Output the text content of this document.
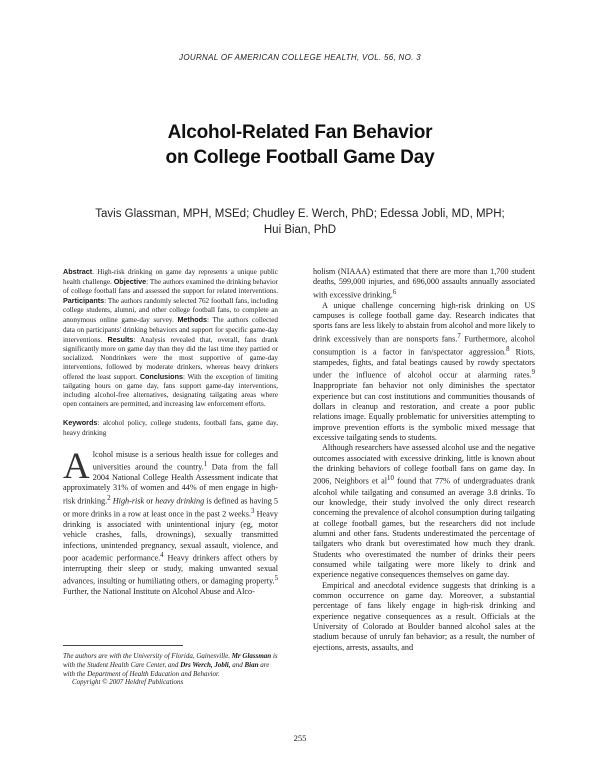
JOURNAL OF AMERICAN COLLEGE HEALTH, VOL. 56, NO. 3
Alcohol-Related Fan Behavior
on College Football Game Day
Tavis Glassman, MPH, MSEd; Chudley E. Werch, PhD; Edessa Jobli, MD, MPH;
Hui Bian, PhD

Abstract. High-risk drinking on game day represents a unique public health challenge. Objective: The authors examined the drinking behavior of college football fans and assessed the support for related interventions. Participants: The authors randomly selected 762 football fans, including college students, alumni, and other college football fans, to complete an anonymous online game-day survey. Methods: The authors collected data on participants' drinking behaviors and support for specific game-day interventions. Results: Analysis revealed that, overall, fans drank significantly more on game day than they did the last time they partied or socialized. Nondrinkers were the most supportive of game-day interventions, followed by moderate drinkers, whereas heavy drinkers offered the least support. Conclusions: With the exception of limiting tailgating hours on game day, fans support game-day interventions, including alcohol-free alternatives, designating tailgating areas where open containers are permitted, and increasing law enforcement efforts.

Keywords: alcohol policy, college students, football fans, game day, heavy drinking

Alcohol misuse is a serious health issue for colleges and universities around the country.$^1$ Data from the fall 2004 National College Health Assessment indicate that approximately 31% of women and 44% of men engage in high-risk drinking.$^2$ High-risk or heavy drinking is defined as having 5 or more drinks in a row at least once in the past 2 weeks.$^3$ Heavy drinking is associated with unintentional injury (eg, motor vehicle crashes, falls, drownings), sexually transmitted infections, unintended pregnancy, sexual assault, violence, and poor academic performance.$^4$ Heavy drinkers affect others by interrupting their sleep or study, making unwanted sexual advances, insulting or humiliating others, or damaging property.$^5$ Further, the National Institute on Alcohol Abuse and Alco-

The authors are with the University of Florida, Gainesville. Mr Glassman is with the Student Health Care Center, and Drs Werch, Jobli, and Bian are with the Department of Health Education and Behavior.

Copyright © 2007 Heldref Publications

holism (NIAAA) estimated that there are more than 1,700 student deaths, 599,000 injuries, and 696,000 assaults annually associated with excessive drinking.$^6$

A unique challenge concerning high-risk drinking on US campuses is college football game day. Research indicates that sports fans are less likely to abstain from alcohol and more likely to drink excessively than are nonsports fans.$^7$ Furthermore, alcohol consumption is a factor in fan/spectator aggression.$^8$ Riots, stampedes, fights, and fatal beatings caused by rowdy spectators under the influence of alcohol occur at alarming rates.$^9$ Inappropriate fan behavior not only diminishes the spectator experience but can cost institutions and communities thousands of dollars in cleanup and restoration, and create a poor public relations image. Equally problematic for universities attempting to improve prevention efforts is the symbolic mixed message that excessive tailgating sends to students.

Although researchers have assessed alcohol use and the negative outcomes associated with excessive drinking, little is known about the drinking behaviors of college football fans on game day. In 2006, Neighbors et $al^{10}$ found that 77% of undergraduates drank alcohol while tailgating and consumed an average 3.8 drinks. To our knowledge, their study involved the only direct research concerning the prevalence of alcohol consumption during tailgating at college football games, but the researchers did not include alumni and other fans. Students underestimated the percentage of tailgaters who drank but overestimated how much they drank. Students who overestimated the number of drinks their peers consumed while tailgating were more likely to drink and experience negative consequences themselves on game day.

Empirical and anecdotal evidence suggests that drinking is a common occurrence on game day. Moreover, a substantial percentage of fans likely engage in high-risk drinking and experience negative consequences as a result. Officials at the University of Colorado at Boulder banned alcohol sales at the stadium because of unruly fan behavior; as a result, the number of ejections, arrests, assaults, and

255
